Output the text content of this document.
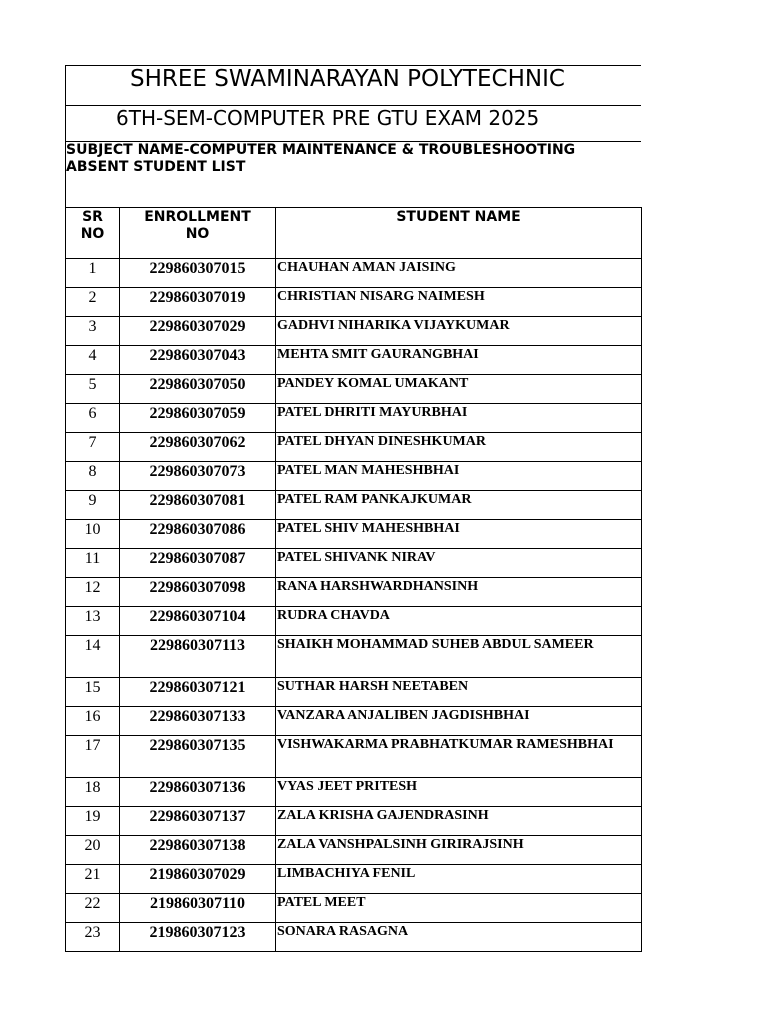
SHREE SWAMINARAYAN POLYTECHNIC
6TH-SEM-COMPUTER PRE GTU EXAM 2025
SUBJECT NAME-COMPUTER MAINTENANCE & TROUBLESHOOTING ABSENT STUDENT LIST
SR NO	ENROLLMENT NO	STUDENT NAME
1	229860307015	CHAUHAN AMAN JAISING
2	229860307019	CHRISTIAN NISARG NAIMESH
3	229860307029	GADHVI NIHARIKA VIJAYKUMAR
4	229860307043	MEHTA SMIT GAURANGBHAI
5	229860307050	PANDEY KOMAL UMAKANT
6	229860307059	PATEL DHRITI MAYURBHAI
7	229860307062	PATEL DHYAN DINESHKUMAR
8	229860307073	PATEL MAN MAHESHBHAI
9	229860307081	PATEL RAM PANKAJKUMAR
10	229860307086	PATEL SHIV MAHESHBHAI
11	229860307087	PATEL SHIVANK NIRAV
12	229860307098	RANA HARSHWARDHANSINH
13	229860307104	RUDRA CHAVDA
14	229860307113	SHAIKH MOHAMMAD SUHEB ABDUL SAMEER
15	229860307121	SUTHAR HARSH NEETABEN
16	229860307133	VANZARA ANJALIBEN JAGDISHBHAI
17	229860307135	VISHWAKARMA PRABHATKUMAR RAMESHBHAI
18	229860307136	VYAS JEET PRITESH
19	229860307137	ZALA KRISHA GAJENDRASINH
20	229860307138	ZALA VANSHPALSINH GIRIRAJSINH
21	219860307029	LIMBACHIYA FENIL
22	219860307110	PATEL MEET
23	219860307123	SONARA RASAGNA
